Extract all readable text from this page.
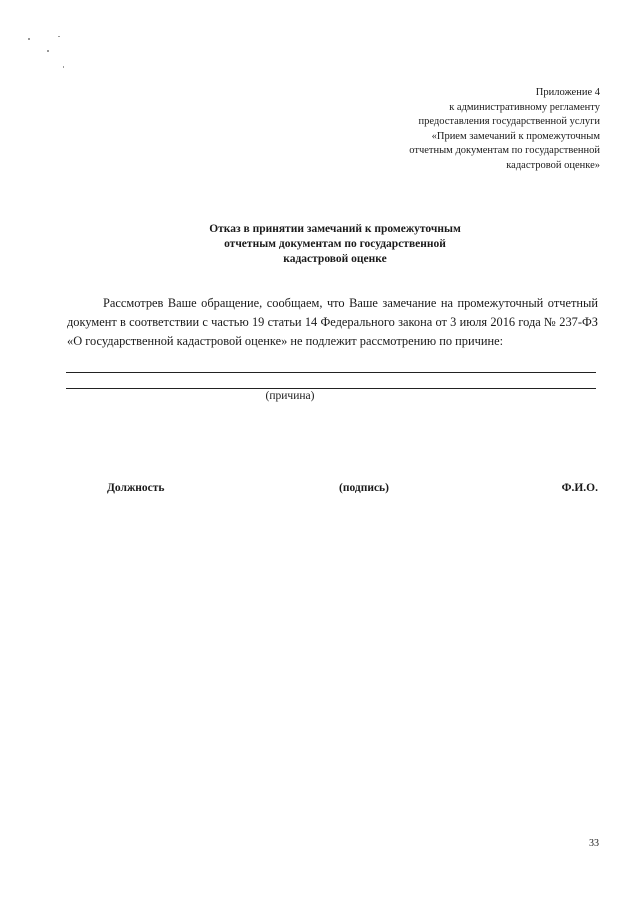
Приложение 4
к административному регламенту
предоставления государственной услуги
«Прием замечаний к промежуточным
отчетным документам по государственной
кадастровой оценке»
Отказ в принятии замечаний к промежуточным
отчетным документам по государственной
кадастровой оценке
Рассмотрев Ваше обращение, сообщаем, что Ваше замечание на промежуточный отчетный документ в соответствии с частью 19 статьи 14 Федерального закона от 3 июля 2016 года № 237-ФЗ «О государственной кадастровой оценке» не подлежит рассмотрению по причине:
(причина)
Должность	(подпись)	Ф.И.О.
33
